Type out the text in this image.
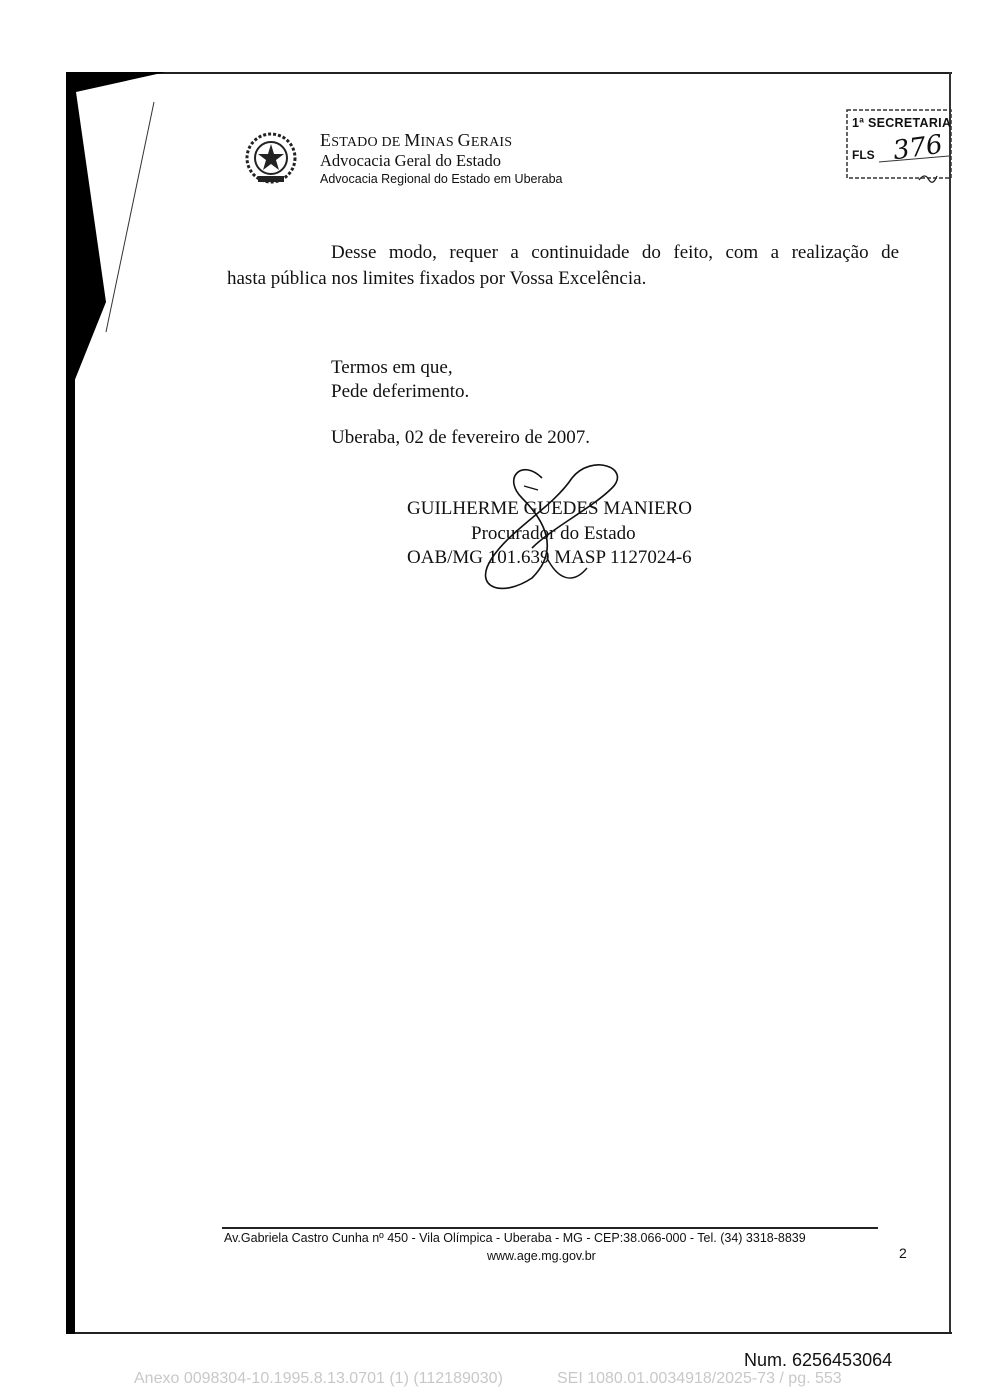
ESTADO DE MINAS GERAIS
Advocacia Geral do Estado
Advocacia Regional do Estado em Uberaba
1ª SECRETARIA
FLS 376
Desse modo, requer a continuidade do feito, com a realização de
hasta pública nos limites fixados por Vossa Excelência.
Termos em que,
Pede deferimento.
Uberaba, 02 de fevereiro de 2007.
GUILHERME GUEDES MANIERO
Procurador do Estado
OAB/MG 101.639 MASP 1127024-6
Av.Gabriela Castro Cunha nº 450 - Vila Olímpica - Uberaba - MG - CEP:38.066-000 - Tel. (34) 3318-8839
www.age.mg.gov.br	2
Num. 6256453064
Anexo 0098304-10.1995.8.13.0701 (1) (112189030)	SEI 1080.01.0034918/2025-73 / pg. 553
